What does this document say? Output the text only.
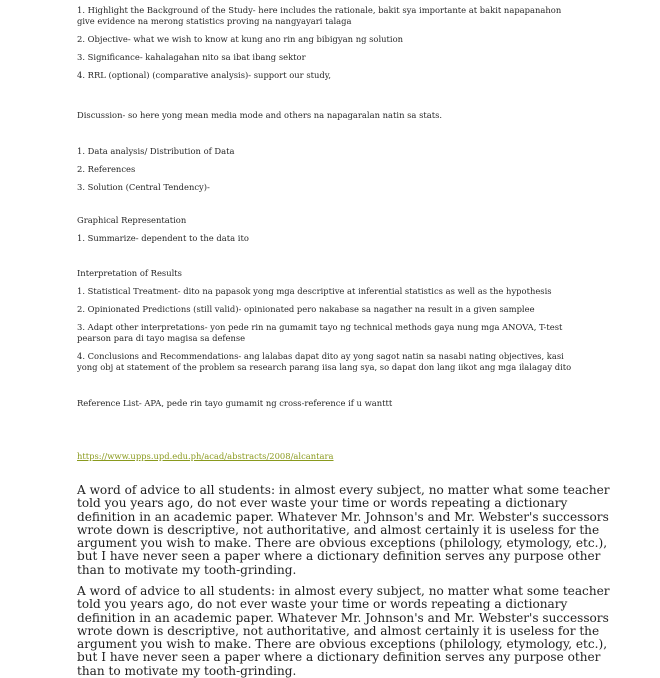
1. Highlight the Background of the Study- here includes the rationale, bakit sya importante at bakit napapanahon
give evidence na merong statistics proving na nangyayari talaga

2. Objective- what we wish to know at kung ano rin ang bibigyan ng solution

3. Significance- kahalagahan nito sa ibat ibang sektor

4. RRL (optional) (comparative analysis)- support our study,

Discussion- so here yong mean media mode and others na napagaralan natin sa stats.

1. Data analysis/ Distribution of Data

2. References

3. Solution (Central Tendency)-

Graphical Representation

1. Summarize- dependent to the data ito

Interpretation of Results

1. Statistical Treatment- dito na papasok yong mga descriptive at inferential statistics as well as the hypothesis

2. Opinionated Predictions (still valid)- opinionated pero nakabase sa nagather na result in a given samplee

3. Adapt other interpretations- yon pede rin na gumamit tayo ng technical methods gaya nung mga ANOVA, T-test
pearson para di tayo magisa sa defense

4. Conclusions and Recommendations- ang lalabas dapat dito ay yong sagot natin sa nasabi nating objectives, kasi
yong obj at statement of the problem sa research parang iisa lang sya, so dapat don lang iikot ang mga ilalagay dito

Reference List- APA, pede rin tayo gumamit ng cross-reference if u wanttt

https://www.upps.upd.edu.ph/acad/abstracts/2008/alcantara

A word of advice to all students: in almost every subject, no matter what some teacher told you years ago, do not ever waste your time or words repeating a dictionary definition in an academic paper. Whatever Mr. Johnson's and Mr. Webster's successors wrote down is descriptive, not authoritative, and almost certainly it is useless for the argument you wish to make. There are obvious exceptions (philology, etymology, etc.), but I have never seen a paper where a dictionary definition serves any purpose other than to motivate my tooth-grinding.

A word of advice to all students: in almost every subject, no matter what some teacher told you years ago, do not ever waste your time or words repeating a dictionary definition in an academic paper. Whatever Mr. Johnson's and Mr. Webster's successors wrote down is descriptive, not authoritative, and almost certainly it is useless for the argument you wish to make. There are obvious exceptions (philology, etymology, etc.), but I have never seen a paper where a dictionary definition serves any purpose other than to motivate my tooth-grinding.
